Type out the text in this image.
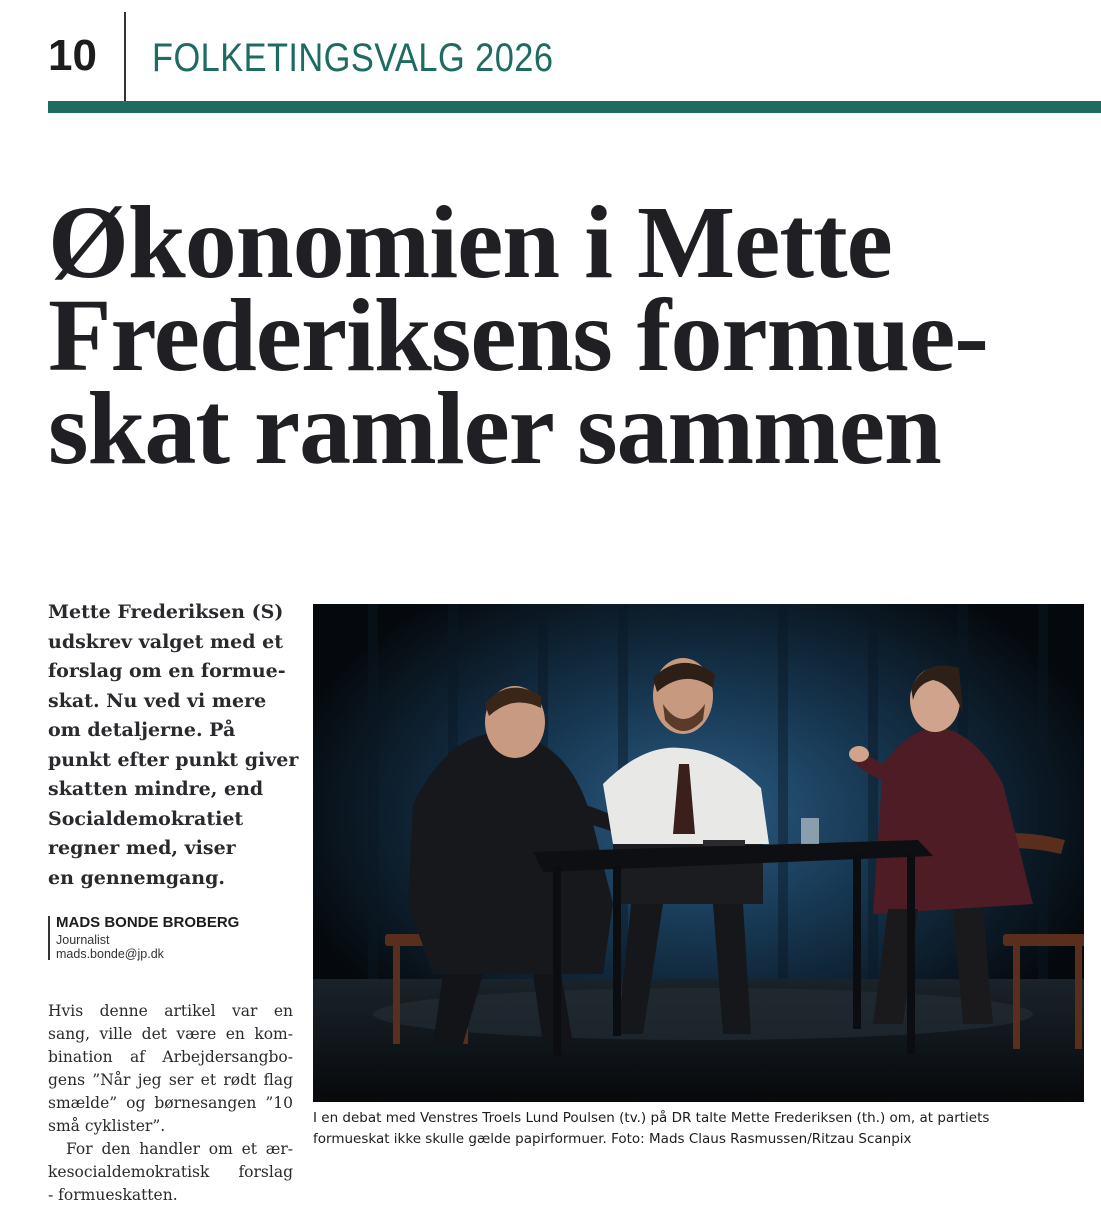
10 FOLKETINGSVALG 2026
Økonomien i Mette
Frederiksens formue-
skat ramler sammen

Mette Frederiksen (S)
udskrev valget med et
forslag om en formue-
skat. Nu ved vi mere
om detaljerne. På
punkt efter punkt giver
skatten mindre, end
Socialdemokratiet
regner med, viser
en gennemgang.

MADS BONDE BROBERG
Journalist
mads.bonde@jp.dk

Hvis denne artikel var en

sang, ville det være en kom-

bination af Arbejdersangbo-

gens ”Når jeg ser et rødt flag

smælde” og børnesangen ”10

små cyklister”.

For den handler om et ær-

kesocialdemokratisk forslag

- formueskatten.

I en debat med Venstres Troels Lund Poulsen (tv.) på DR talte Mette Frederiksen (th.) om, at partiets
formueskat ikke skulle gælde papirformuer. Foto: Mads Claus Rasmussen/Ritzau Scanpix
